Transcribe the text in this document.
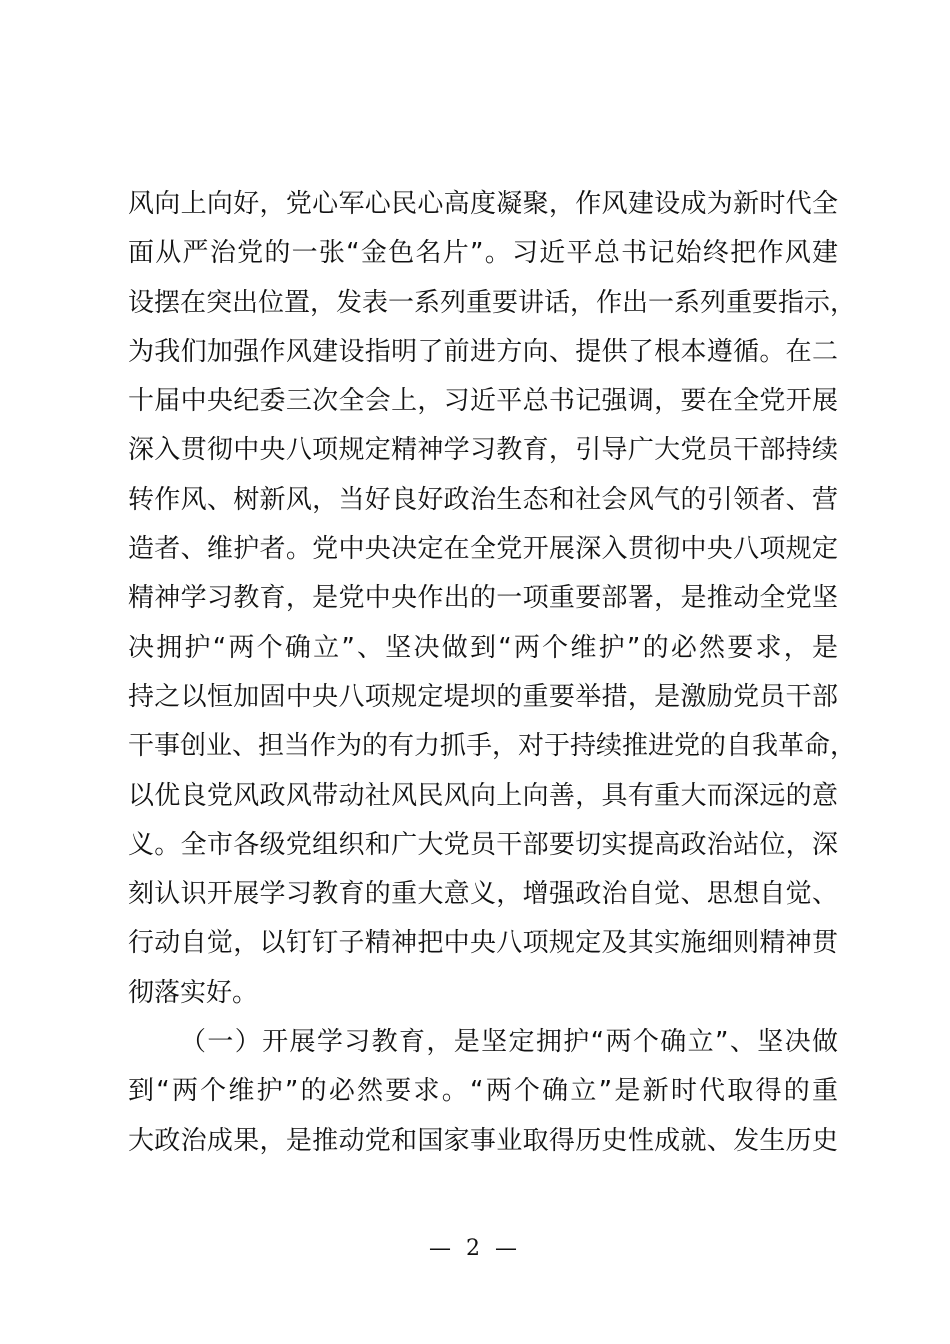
风向上向好，党心军心民心高度凝聚，作风建设成为新时代全
面从严治党的一张“金色名片”。习近平总书记始终把作风建
设摆在突出位置，发表一系列重要讲话，作出一系列重要指示，
为我们加强作风建设指明了前进方向、提供了根本遵循。在二
十届中央纪委三次全会上，习近平总书记强调，要在全党开展
深入贯彻中央八项规定精神学习教育，引导广大党员干部持续
转作风、树新风，当好良好政治生态和社会风气的引领者、营
造者、维护者。党中央决定在全党开展深入贯彻中央八项规定
精神学习教育，是党中央作出的一项重要部署，是推动全党坚
决拥护“两个确立”、坚决做到“两个维护”的必然要求，是
持之以恒加固中央八项规定堤坝的重要举措，是激励党员干部
干事创业、担当作为的有力抓手，对于持续推进党的自我革命，
以优良党风政风带动社风民风向上向善，具有重大而深远的意
义。全市各级党组织和广大党员干部要切实提高政治站位，深
刻认识开展学习教育的重大意义，增强政治自觉、思想自觉、
行动自觉，以钉钉子精神把中央八项规定及其实施细则精神贯
彻落实好。
（一）开展学习教育，是坚定拥护“两个确立”、坚决做
到“两个维护”的必然要求。“两个确立”是新时代取得的重
大政治成果，是推动党和国家事业取得历史性成就、发生历史
— 2 —
